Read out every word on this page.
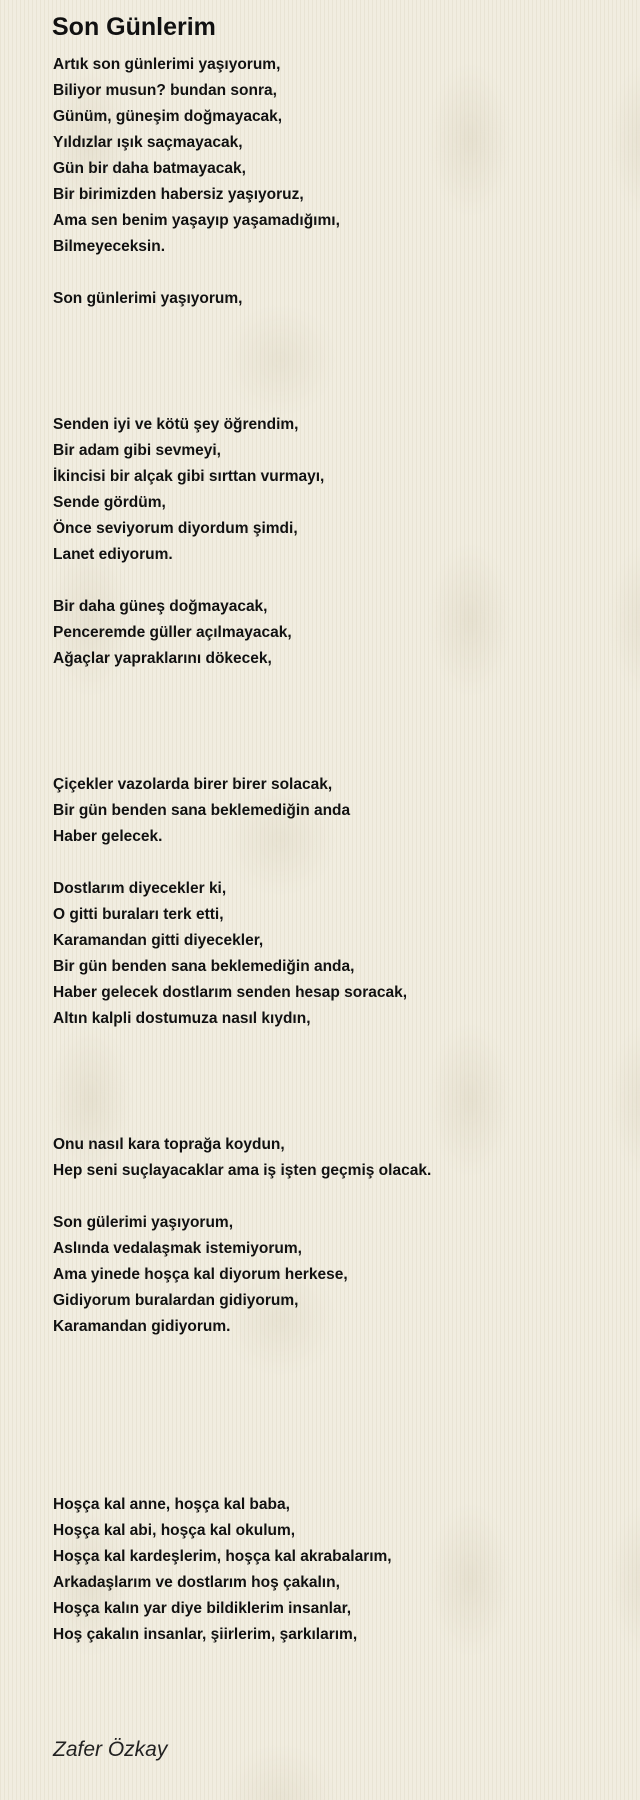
Son Günlerim
Artık son günlerimi yaşıyorum,
Biliyor musun? bundan sonra,
Günüm, güneşim doğmayacak,
Yıldızlar ışık saçmayacak,
Gün bir daha batmayacak,
Bir birimizden habersiz yaşıyoruz,
Ama sen benim yaşayıp yaşamadığımı,
Bilmeyeceksin.
Son günlerimi yaşıyorum,
Senden iyi ve kötü şey öğrendim,
Bir adam gibi sevmeyi,
İkincisi bir alçak gibi sırttan vurmayı,
Sende gördüm,
Önce seviyorum diyordum şimdi,
Lanet ediyorum.
Bir daha güneş doğmayacak,
Penceremde güller açılmayacak,
Ağaçlar yapraklarını dökecek,
Çiçekler vazolarda birer birer solacak,
Bir gün benden sana beklemediğin anda
Haber gelecek.
Dostlarım diyecekler ki,
O gitti buraları terk etti,
Karamandan gitti diyecekler,
Bir gün benden sana beklemediğin anda,
Haber gelecek dostlarım senden hesap soracak,
Altın kalpli dostumuza nasıl kıydın,
Onu nasıl kara toprağa koydun,
Hep seni suçlayacaklar ama iş işten geçmiş olacak.
Son gülerimi yaşıyorum,
Aslında vedalaşmak istemiyorum,
Ama yinede hoşça kal diyorum herkese,
Gidiyorum buralardan gidiyorum,
Karamandan gidiyorum.
Hoşça kal anne, hoşça kal baba,
Hoşça kal abi, hoşça kal okulum,
Hoşça kal kardeşlerim, hoşça kal akrabalarım,
Arkadaşlarım ve dostlarım hoş çakalın,
Hoşça kalın yar diye bildiklerim insanlar,
Hoş çakalın insanlar, şiirlerim, şarkılarım,
Zafer Özkay
